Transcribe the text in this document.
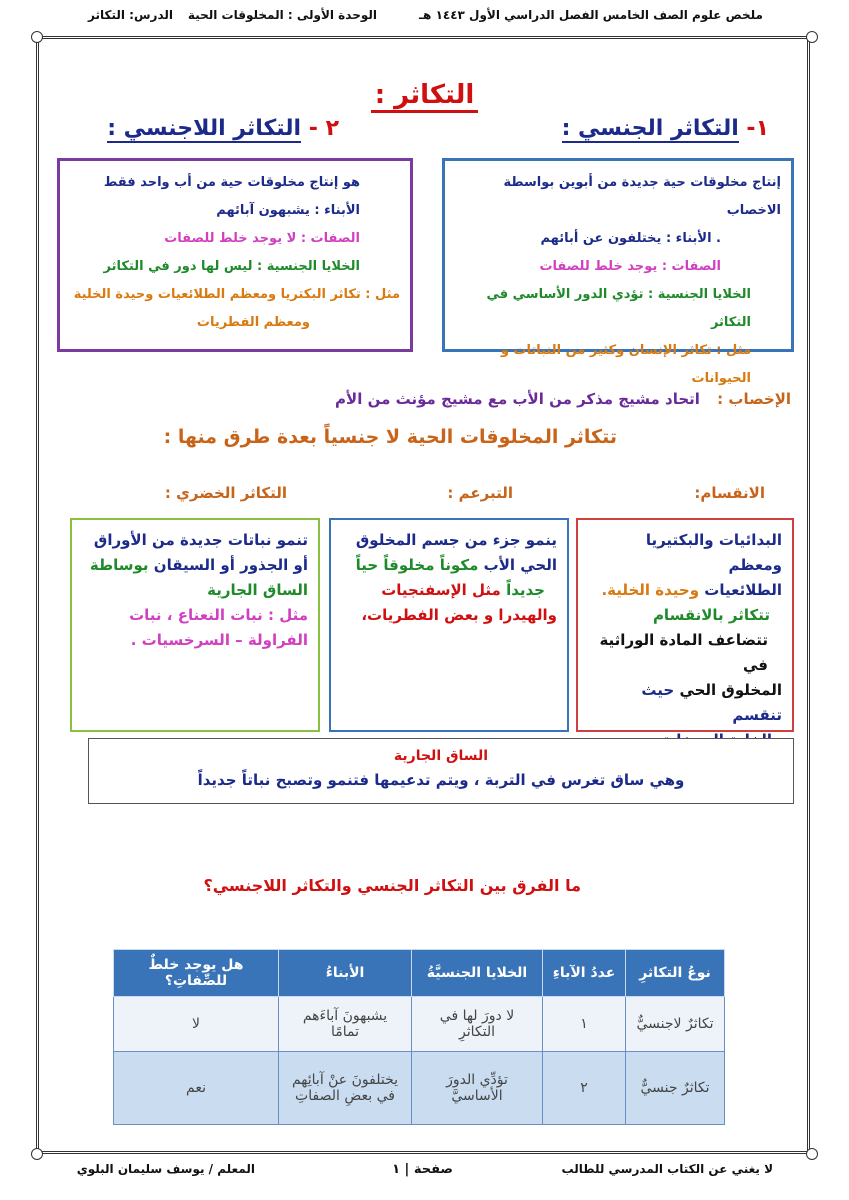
ملخص علوم الصف الخامس الفصل الدراسي الأول ١٤٤٣ هـ
الوحدة الأولى : المخلوقات الحية
الدرس: التكاثر
التكاثر :
١- التكاثر الجنسي :
٢ - التكاثر اللاجنسي :

إنتاج مخلوقات حية جديدة من أبوين بواسطة الاخصاب

. الأبناء : يختلفون عن أبائهم

الصفات : يوجد خلط للصفات

الخلايا الجنسية : تؤدي الدور الأساسي في التكاثر

مثل : تكاثر الإنسان وكثير من النباتات و الحيوانات

هو إنتاج مخلوقات حية من أب واحد فقط

الأبناء : يشبهون آبائهم

الصفات : لا يوجد خلط للصفات

الخلايا الجنسية : ليس لها دور في التكاثر

مثل : تكاثر البكتريا ومعظم الطلائعيات وحيدة الخلية

ومعظم الفطريات

الإخصاب : اتحاد مشيج مذكر من الأب مع مشيج مؤنث من الأم
تتكاثر المخلوقات الحية لا جنسياً بعدة طرق منها :
الانقسام:
التبرعم :
التكاثر الخضري :

البدائيات والبكتيريا ومعظم

الطلائعيات وحيدة الخلية.

تتكاثر بالانقسام

تتضاعف المادة الوراثية في

المخلوق الحي حيث تنقسم

ينمو جزء من جسم المخلوق

الحي الأب مكوناً مخلوقاً حياً

جديداً مثل الإسفنجيات

والهيدرا و بعض الفطريات،

تنمو نباتات جديدة من الأوراق

أو الجذور أو السيقان بوساطة

الساق الجارية

مثل : نبات النعناع ، نبات

الفراولة – السرخسيات .

الساق الجارية
وهي ساق تغرس في التربة ، ويتم تدعيمها فتنمو وتصبح نباتاً جديداً
ما الفرق بين التكاثر الجنسي والتكاثر اللاجنسي؟
نوعُ التكاثرِ	عددُ الآباءِ	الخلايا الجنسيَّةُ	الأبناءُ	هل يوجد خلطٌ للصِّفاتِ؟
تكاثرٌ لاجنسيٌّ	١	لا دورَ لها في التكاثرِ	يشبهونَ آباءَهم تمامًا	لا
تكاثرٌ جنسيٌّ	٢	تؤدِّي الدورَ الأساسيَّ	يختلفونَ عنْ آبائِهم في بعضِ الصفاتِ	نعم
لا يغني عن الكتاب المدرسي للطالب
صفحة | ١
المعلم / يوسف سليمان البلوي
